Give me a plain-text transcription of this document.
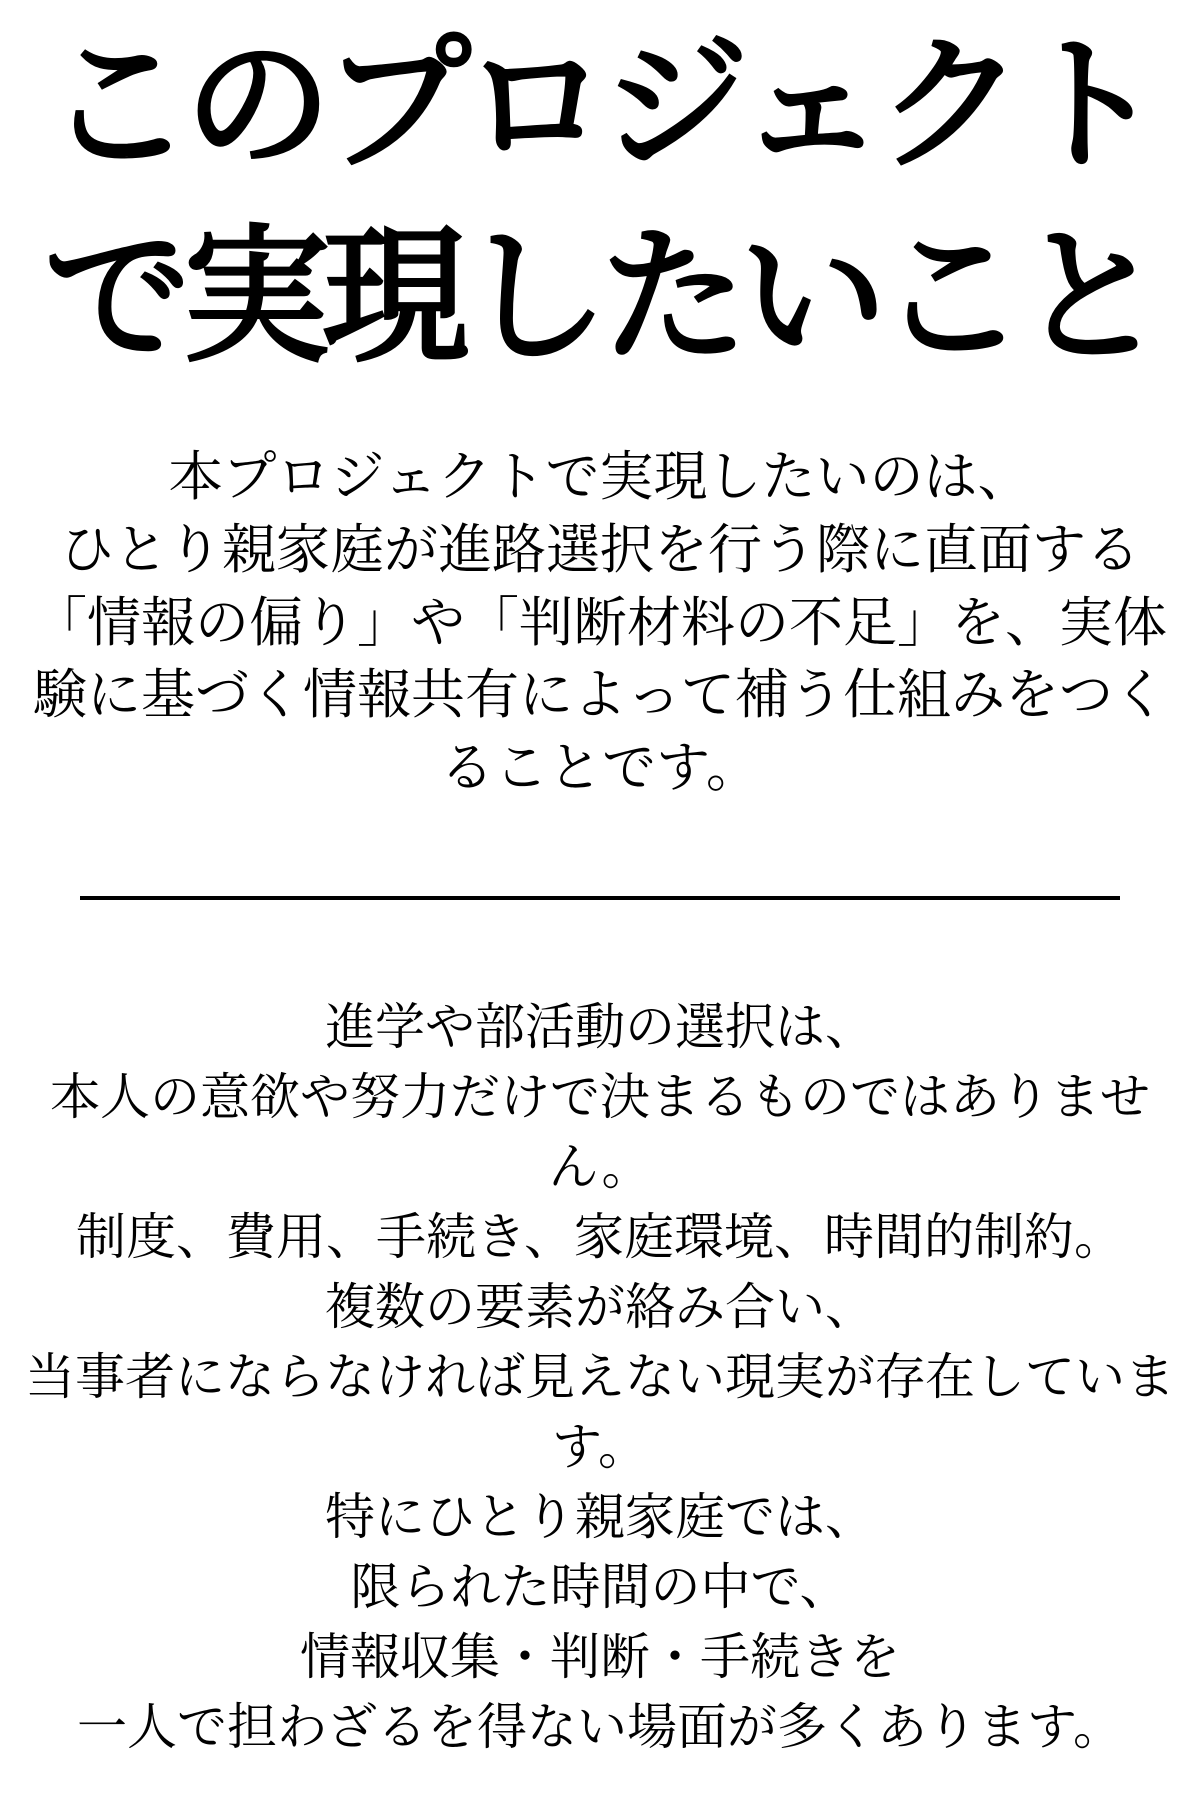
このプロジェクト
で実現したいこと
本プロジェクトで実現したいのは、
ひとり親家庭が進路選択を行う際に直面する
「情報の偏り」や「判断材料の不足」を、実体
験に基づく情報共有によって補う仕組みをつく
ることです。
進学や部活動の選択は、
本人の意欲や努力だけで決まるものではありませ
ん。
制度、費用、手続き、家庭環境、時間的制約。
複数の要素が絡み合い、
当事者にならなければ見えない現実が存在していま
す。
特にひとり親家庭では、
限られた時間の中で、
情報収集・判断・手続きを
一人で担わざるを得ない場面が多くあります。
